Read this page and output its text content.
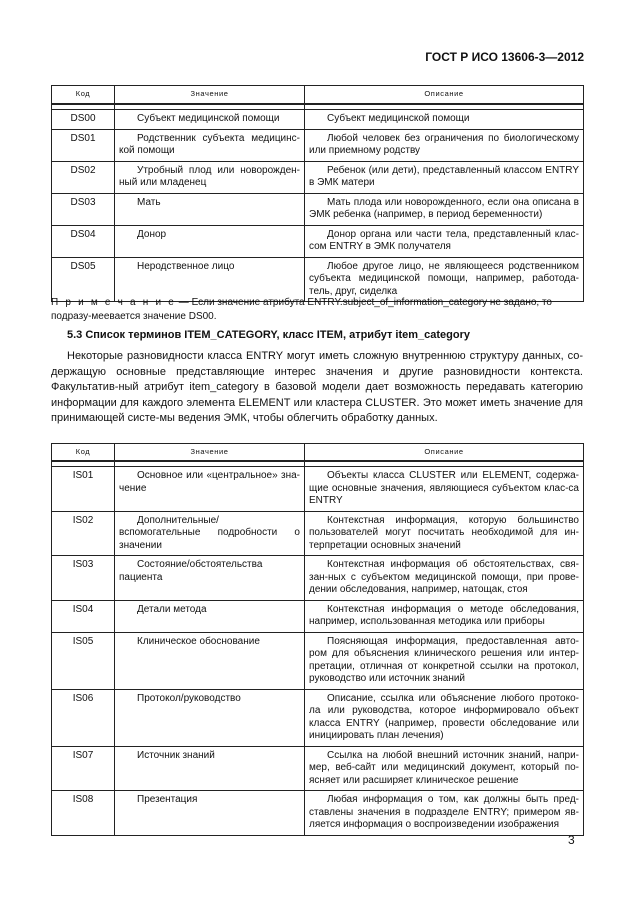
ГОСТ Р ИСО 13606-3—2012
Код	Значение	Описание

DS00	Субъект медицинской помощи	Субъект медицинской помощи
DS01	Родственник субъекта медицинс-кой помощи	Любой человек без ограничения по биологическому или приемному родству
DS02	Утробный плод или новорожден-ный или младенец	Ребенок (или дети), представленный классом ENTRY в ЭМК матери
DS03	Мать	Мать плода или новорожденного, если она описана в ЭМК ребенка (например, в период беременности)
DS04	Донор	Донор органа или части тела, представленный клас-сом ENTRY в ЭМК получателя
DS05	Неродственное лицо	Любое другое лицо, не являющееся родственником субъекта медицинской помощи, например, работода-тель, друг, сиделка
П р и м е ч а н и е — Если значение атрибута ENTRY.subject_of_information_category не задано, то подразу-меевается значение DS00.
5.3 Список терминов ITEM_CATEGORY, класс ITEM, атрибут item_category
Некоторые разновидности класса ENTRY могут иметь сложную внутреннюю структуру данных, со-держащую основные представляющие интерес значения и другие разновидности контекста. Факультатив-ный атрибут item_category в базовой модели дает возможность передавать категорию информации для каждого элемента ELEMENT или кластера CLUSTER. Это может иметь значение для принимающей систе-мы ведения ЭМК, чтобы облегчить обработку данных.
Код	Значение	Описание

IS01	Основное или «центральное» зна-чение	Объекты класса CLUSTER или ELEMENT, содержа-щие основные значения, являющиеся субъектом клас-са ENTRY
IS02	Дополнительные/вспомогательные подробности о значении	Контекстная информация, которую большинство пользователей могут посчитать необходимой для ин-терпретации основных значений
IS03	Состояние/обстоятельства пациента	Контекстная информация об обстоятельствах, свя-зан-ных с субъектом медицинской помощи, при прове-дении обследования, например, натощак, стоя
IS04	Детали метода	Контекстная информация о методе обследования, например, использованная методика или приборы
IS05	Клиническое обоснование	Поясняющая информация, предоставленная авто-ром для объяснения клинического решения или интер-претации, отличная от конкретной ссылки на протокол, руководство или источник знаний
IS06	Протокол/руководство	Описание, ссылка или объяснение любого протоко-ла или руководства, которое информировало объект класса ENTRY (например, провести обследование или инициировать план лечения)
IS07	Источник знаний	Ссылка на любой внешний источник знаний, напри-мер, веб-сайт или медицинский документ, который по-ясняет или расширяет клиническое решение
IS08	Презентация	Любая информация о том, как должны быть пред-ставлены значения в подразделе ENTRY; примером яв-ляется информация о воспроизведении изображения
3
